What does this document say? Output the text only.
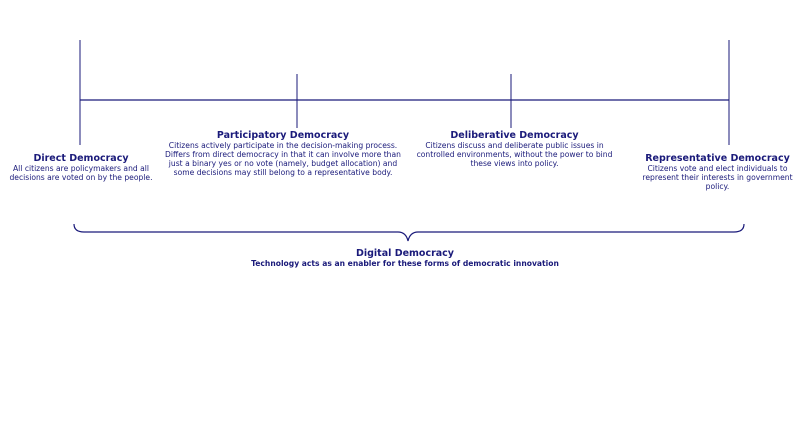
Direct Democracy
All citizens are policymakers and all decisions are voted on by the people.
Participatory Democracy
Citizens actively participate in the decision-making process. Differs from direct democracy in that it can involve more than just a binary yes or no vote (namely, budget allocation) and some decisions may still belong to a representative body.
Deliberative Democracy
Citizens discuss and deliberate public issues in controlled environments, without the power to bind these views into policy.	Representative Democracy
Citizens vote and elect individuals to represent their interests in government policy.
Digital Democracy
Technology acts as an enabler for these forms of democratic innovation
